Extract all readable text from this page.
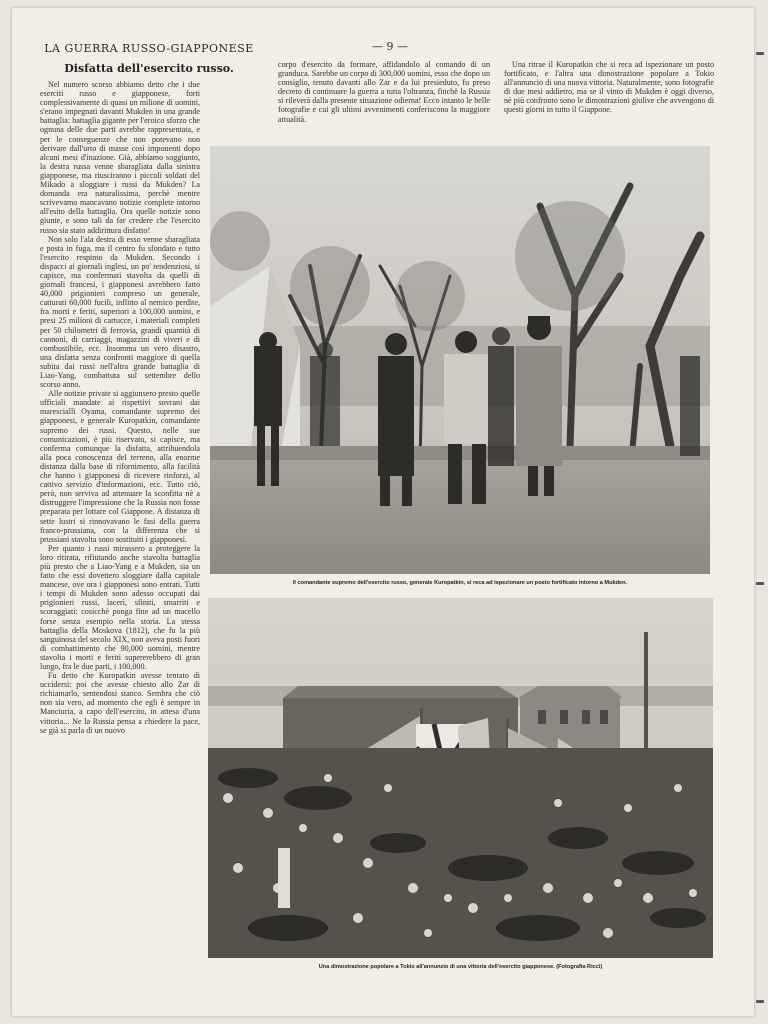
LA GUERRA RUSSO-GIAPPONESE	— 9 —
Disfatta dell'esercito russo.

Nel numero scorso abbiamo detto che i due eserciti russo e giapponese, forti complessivamente di quasi un milione di uomini, s'erano impegnati davanti Mukden in una grande battaglia: battaglia gigante per l'eroico sforzo che ognuna delle due parti avrebbe rappresentata, e per le conseguenze che non potevano non derivare dall'urto di masse così imponenti dopo alcuni mesi d'inazione. Già, abbiamo soggiunto, la destra russa venne sbaragliata dalla sinistra giapponese, ma riusciranno i piccoli soldati del Mikado a sloggiare i russi da Mukden? La domanda era naturalissima, perchè mentre scrivevamo mancavano notizie complete intorno all'esito della battaglia. Ora quelle notizie sono giunte, e sono tali da far credere che l'esercito russo sia stato addirittura disfatto!

Non solo l'ala destra di esso venne sbaragliata e posta in fuga, ma il centro fu sfondato e tutto l'esercito respinto da Mukden. Secondo i dispacci ai giornali inglesi, un po' tendenziosi, si capisce, ma confermati stavolta da quelli di giornali francesi, i giapponesi avrebbero fatto 40,000 prigionieri compreso un generale, catturati 60,000 fucili, inflitto al nemico perdite, fra morti e feriti, superiori a 100,000 uomini, e presi 25 milioni di cartucce, i materiali completi per 50 chilometri di ferrovia, grandi quantità di cannoni, di carriaggi, magazzini di viveri e di combustibile, ecc. Insomma un vero disastro, una disfatta senza confronti maggiore di quella subita dai russi nell'altra grande battaglia di Liao-Yang, combattuta sul settembre dello scorso anno.

Alle notizie private si aggiunsero presto quelle ufficiali mandate ai rispettivi sovrani dai marescialli Oyama, comandante supremo dei giapponesi, e generale Kuropatkin, comandante supremo dei russi. Questo, nelle sue comunicazioni, è più riservato, si capisce, ma conferma comunque la disfatta, attribuendola alla poca conoscenza del terreno, alla enorme distanza dalla base di rifornimento, alla facilità che hanno i giapponesi di ricevere rinforzi, al cattivo servizio d'informazioni, ecc. Tutto ciò, però, non serviva ad attenuare la sconfitta nè a distruggere l'impressione che la Russia non fosse preparata per lottare col Giappone. A distanza di sette lustri si rinnovavano le fasi della guerra franco-prussiana, con la differenza che si prussiani stavolta sono sostituiti i giapponesi.

Per quanto i russi mirassero a proteggere la loro ritirata, rifiutando anche stavolta battaglia più presto che a Liao-Yang e a Mukden, sia un fatto che essi dovettero sloggiare dalla capitale mancese, ove ora i giapponesi sono entrati. Tutti i tempi di Mukden sono adesso occupati dai prigionieri russi, lacerì, sfiniti, smarriti e scoraggiati: cosicchè ponga fine ad un macello forse senza esempio nella storia. La stessa battaglia della Moskova (1812), che fu la più sanguinosa del secolo XIX, non aveva posti fuori di combattimento che 90,000 uomini, mentre stavolta i morti e feriti supererebbero di gran lungo, fra le due parti, i 100,000.

Fu detto che Kuropatkin avesse tentato di uccidersi: poi che avesse chiesto allo Zar di richiamarlo, sentendosi stanco. Sembra che ciò non sia vero, ad momento che egli è sempre in Manciuria, a capo dell'esercito, in attesa d'una vittoria... Ne la Russia pensa a chiedere la pace, se già si parla di un nuovo

corpo d'esercito da formare, affidandolo al comando di un granduca. Sarebbe un corpo di 300,000 uomini, esso che dopo un consiglio, tenuto davanti allo Zar e da lui presieduto, fu preso decreto di continuare la guerra a tutta l'oltranza, finchè la Russia si rileverà dalla presente situazione odierna! Ecco intanto le belle fotografie e cui gli ultimi avvenimenti conferiscono la maggiore attualità.

Una ritrae il Kuropatkin che si reca ad ispezionare un posto fortificato, e l'altra una dimostrazione popolare a Tokio all'annuncio di una nuova vittoria. Naturalmente, sono fotografie di due mesi addietro, ma se il vinto di Mukden è oggi diverso, nè più confronto sono le dimostrazioni giulive che avvengono di questi giorni in tutto il Giappone.

Il comandante supremo dell'esercito russo, generale Kuropatkin, si reca ad ispezionare un posto fortificato intorno a Mukden.
Una dimostrazione popolare a Tokio all'annunzio di una vittoria dell'esercito giapponese. (Fotografia Ricci)
